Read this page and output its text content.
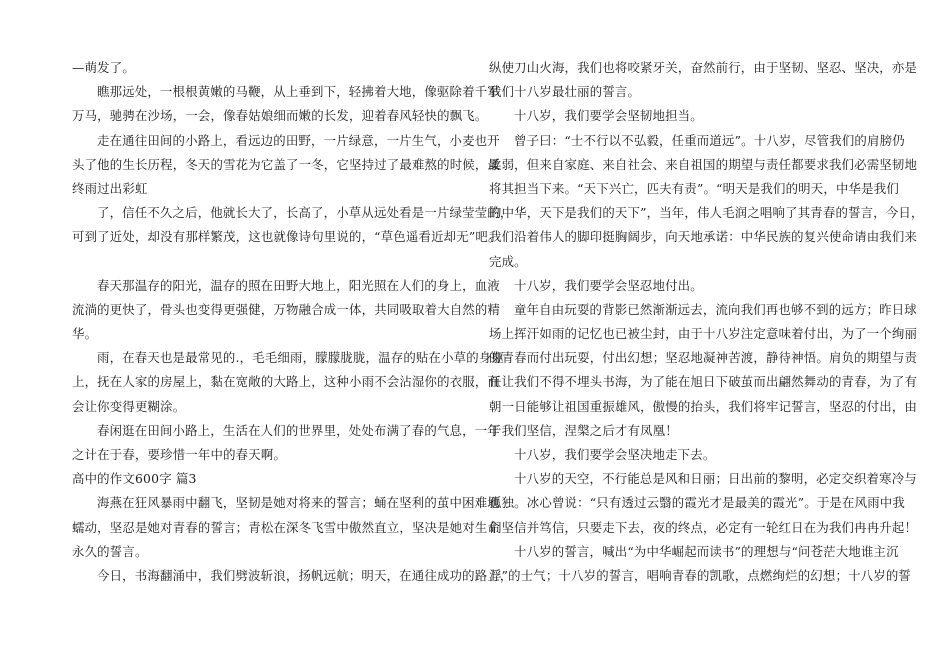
—萌发了。
瞧那远处，一根根黄嫩的马鞭，从上垂到下，轻拂着大地，像驱除着千军
万马，驰骋在沙场，一会，像春姑娘细而嫩的长发，迎着春风轻快的飘飞。
走在通往田间的小路上，看远边的田野，一片绿意，一片生气，小麦也开
头了他的生长历程，冬天的雪花为它盖了一冬，它坚持过了最难熬的时候，最
终雨过出彩虹
了，信任不久之后，他就长大了，长高了，小草从远处看是一片绿莹莹的，
可到了近处，却没有那样繁茂，这也就像诗句里说的，“草色遥看近却无”吧。
春天那温存的阳光，温存的照在田野大地上，阳光照在人们的身上，血液
流淌的更快了，骨头也变得更强健，万物融合成一体，共同吸取着大自然的精
华。
雨，在春天也是最常见的.，毛毛细雨，朦朦胧胧，温存的贴在小草的身躯
上，抚在人家的房屋上，黏在宽敞的大路上，这种小雨不会沾湿你的衣服，而
会让你变得更糊涂。
春闲逛在田间小路上，生活在人们的世界里，处处布满了春的气息，一年
之计在于春，要珍惜一年中的春天啊。
高中的作文600字 篇3
海燕在狂风暴雨中翻飞，坚韧是她对将来的誓言；蛹在坚利的茧中困难地
蠕动，坚忍是她对青春的誓言；青松在深冬飞雪中傲然直立，坚决是她对生命
永久的誓言。
今日，书海翻涌中，我们劈波斩浪，扬帆远航；明天，在通往成功的路上，
纵使刀山火海，我们也将咬紧牙关，奋然前行，由于坚韧、坚忍、坚决，亦是
我们十八岁最壮丽的誓言。
十八岁，我们要学会坚韧地担当。
曾子曰：“士不行以不弘毅，任重而道远”。十八岁，尽管我们的肩膀仍
柔弱，但来自家庭、来自社会、来自祖国的期望与责任都要求我们必需坚韧地
将其担当下来。“天下兴亡，匹夫有责”。“明天是我们的明天，中华是我们
的中华，天下是我们的天下”，当年，伟人毛润之唱响了其青春的誓言，今日，
我们沿着伟人的脚印挺胸阔步，向天地承诺：中华民族的复兴使命请由我们来
完成。
十八岁，我们要学会坚忍地付出。
童年自由玩耍的背影已然渐渐远去，流向我们再也够不到的远方；昨日球
场上挥汗如雨的记忆也已被尘封，由于十八岁注定意味着付出，为了一个绚丽
的青春而付出玩耍，付出幻想；坚忍地凝神苦渡，静待神悟。肩负的期望与责
任让我们不得不埋头书海，为了能在旭日下破茧而出翩然舞动的青春，为了有
朝一日能够让祖国重振雄风，傲慢的抬头，我们将牢记誓言，坚忍的付出，由
于我们坚信，涅槃之后才有凤凰！
十八岁，我们要学会坚决地走下去。
十八岁的天空，不行能总是风和日丽；日出前的黎明，必定交织着寒冷与
孤独。冰心曾说：“只有透过云翳的霞光才是最美的霞光”。于是在风雨中我
们坚信并笃信，只要走下去，夜的终点，必定有一轮红日在为我们冉冉升起！
十八岁的誓言，喊出“为中华崛起而读书”的理想与“问苍茫大地谁主沉
浮”的士气；十八岁的誓言，唱响青春的凯歌，点燃绚烂的幻想；十八岁的誓
